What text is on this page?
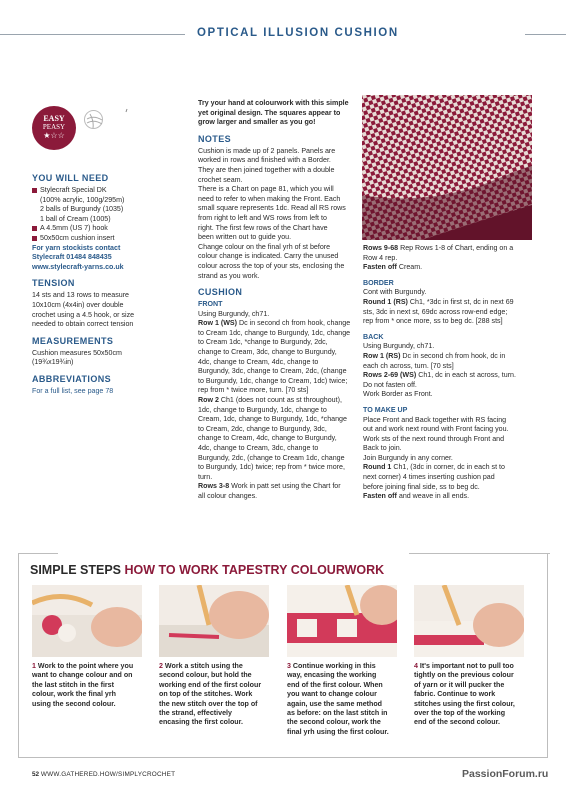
OPTICAL ILLUSION CUSHION
EASY
PEASY
★☆☆	DK
WEIGHT
4.5MM
HOOK
YOU WILL NEED
Stylecraft Special DK
(100% acrylic, 100g/295m)
2 balls of Burgundy (1035)
1 ball of Cream (1005)
A 4.5mm (US 7) hook
50x50cm cushion insert
For yarn stockists contact
Stylecraft 01484 848435
www.stylecraft-yarns.co.uk
TENSION
14 sts and 13 rows to measure
10x10cm (4x4in) over double
crochet using a 4.5 hook, or size
needed to obtain correct tension
MEASUREMENTS
Cushion measures 50x50cm
(19¾x19¾in)
ABBREVIATIONS
For a full list, see page 78
Try your hand at colourwork with this simple
yet original design. The squares appear to
grow larger and smaller as you go!
NOTES
Cushion is made up of 2 panels. Panels are
worked in rows and finished with a Border.
They are then joined together with a double
crochet seam.
There is a Chart on page 81, which you will
need to refer to when making the Front. Each
small square represents 1dc. Read all RS rows
from right to left and WS rows from left to
right. The first few rows of the Chart have
been written out to guide you.
Change colour on the final yrh of st before
colour change is indicated. Carry the unused
colour across the top of your sts, enclosing the
strand as you work.
CUSHION
FRONT
Using Burgundy, ch71.
Row 1 (WS) Dc in second ch from hook, change
to Cream 1dc, change to Burgundy, 1dc, change
to Cream 1dc, *change to Burgundy, 2dc,
change to Cream, 3dc, change to Burgundy,
4dc, change to Cream, 4dc, change to
Burgundy, 3dc, change to Cream, 2dc, (change
to Burgundy, 1dc, change to Cream, 1dc) twice;
rep from * twice more, turn. [70 sts]
Row 2 Ch1 (does not count as st throughout),
1dc, change to Burgundy, 1dc, change to
Cream, 1dc, change to Burgundy, 1dc, *change
to Cream, 2dc, change to Burgundy, 3dc,
change to Cream, 4dc, change to Burgundy,
4dc, change to Cream, 3dc, change to
Burgundy, 2dc, (change to Cream 1dc, change
to Burgundy, 1dc) twice; rep from * twice more,
turn.
Rows 3-8 Work in patt set using the Chart for
all colour changes.
Rows 9-68 Rep Rows 1-8 of Chart, ending on a
Row 4 rep.
Fasten off Cream.
BORDER
Cont with Burgundy.
Round 1 (RS) Ch1, *3dc in first st, dc in next 69
sts, 3dc in next st, 69dc across row-end edge;
rep from * once more, ss to beg dc. [288 sts]
BACK
Using Burgundy, ch71.
Row 1 (RS) Dc in second ch from hook, dc in
each ch across, turn. [70 sts]
Rows 2-69 (WS) Ch1, dc in each st across, turn.
Do not fasten off.
Work Border as Front.
TO MAKE UP
Place Front and Back together with RS facing
out and work next round with Front facing you.
Work sts of the next round through Front and
Back to join.
Join Burgundy in any corner.
Round 1 Ch1, (3dc in corner, dc in each st to
next corner) 4 times inserting cushion pad
before joining final side, ss to beg dc.
Fasten off and weave in all ends.
SIMPLE STEPS HOW TO WORK TAPESTRY COLOURWORK
1 Work to the point where you
want to change colour and on
the last stitch in the first
colour, work the final yrh
using the second colour.
2 Work a stitch using the
second colour, but hold the
working end of the first colour
on top of the stitches. Work
the new stitch over the top of
the strand, effectively
encasing the first colour.
3 Continue working in this
way, encasing the working
end of the first colour. When
you want to change colour
again, use the same method
as before: on the last stitch in
the second colour, work the
final yrh using the first colour.
4 It's important not to pull too
tightly on the previous colour
of yarn or it will pucker the
fabric. Continue to work
stitches using the first colour,
over the top of the working
end of the second colour.
52 WWW.GATHERED.HOW/SIMPLYCROCHET	PassionForum.ru
